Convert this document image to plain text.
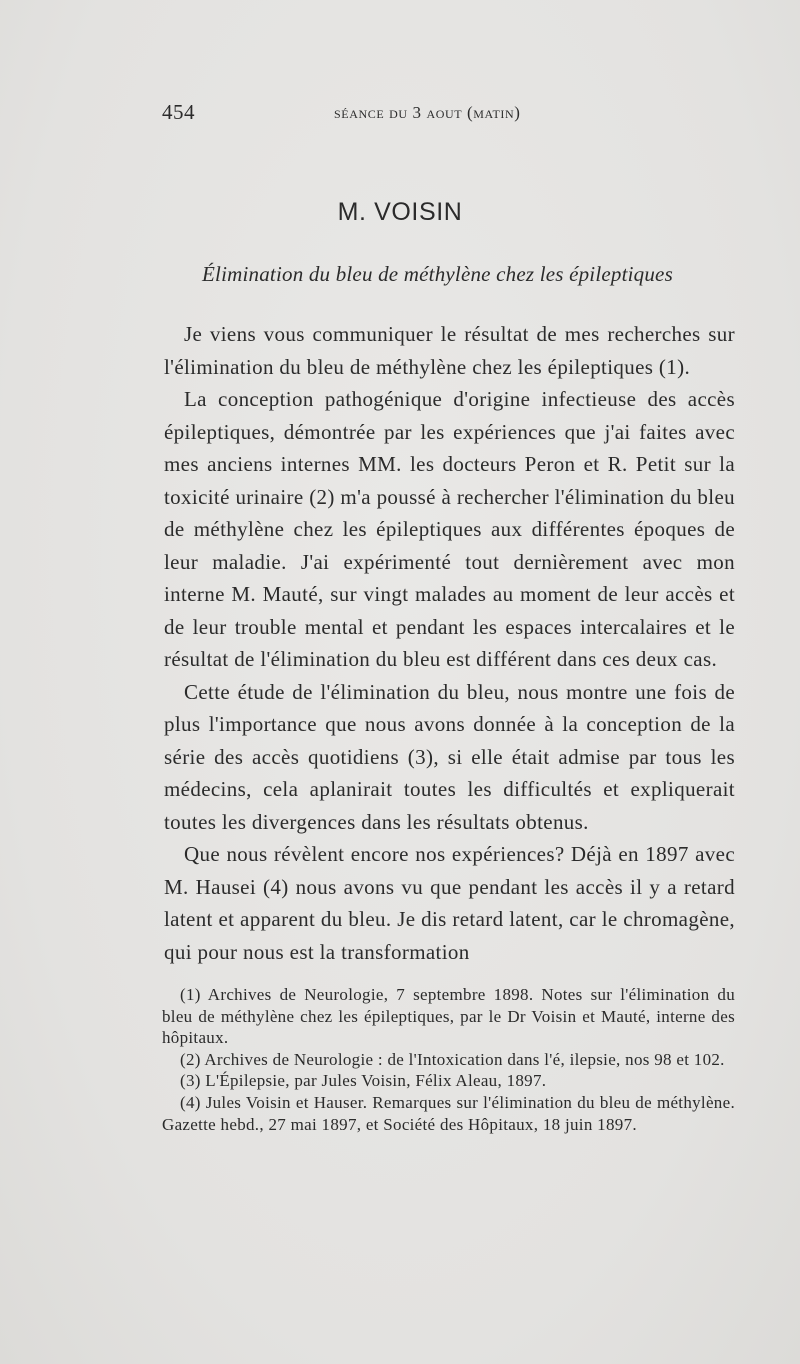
454	séance du 3 aout (matin)
M. VOISIN
Élimination du bleu de méthylène chez les épileptiques

Je viens vous communiquer le résultat de mes recherches sur l'élimination du bleu de méthylène chez les épileptiques (1).

La conception pathogénique d'origine infectieuse des accès épileptiques, démontrée par les expériences que j'ai faites avec mes anciens internes MM. les docteurs Peron et R. Petit sur la toxicité urinaire (2) m'a poussé à rechercher l'élimination du bleu de méthylène chez les épileptiques aux différentes époques de leur maladie. J'ai expérimenté tout dernièrement avec mon interne M. Mauté, sur vingt malades au moment de leur accès et de leur trouble mental et pendant les espaces intercalaires et le résultat de l'élimination du bleu est différent dans ces deux cas.

Cette étude de l'élimination du bleu, nous montre une fois de plus l'importance que nous avons donnée à la conception de la série des accès quotidiens (3), si elle était admise par tous les médecins, cela aplanirait toutes les difficultés et expliquerait toutes les divergences dans les résultats obtenus.

Que nous révèlent encore nos expériences? Déjà en 1897 avec M. Hausei (4) nous avons vu que pendant les accès il y a retard latent et apparent du bleu. Je dis retard latent, car le chromagène, qui pour nous est la transformation

(1) Archives de Neurologie, 7 septembre 1898. Notes sur l'élimination du bleu de méthylène chez les épileptiques, par le Dr Voisin et Mauté, interne des hôpitaux.

(2) Archives de Neurologie : de l'Intoxication dans l'é, ilepsie, nos 98 et 102.

(3) L'Épilepsie, par Jules Voisin, Félix Aleau, 1897.

(4) Jules Voisin et Hauser. Remarques sur l'élimination du bleu de méthylène. Gazette hebd., 27 mai 1897, et Société des Hôpitaux, 18 juin 1897.
